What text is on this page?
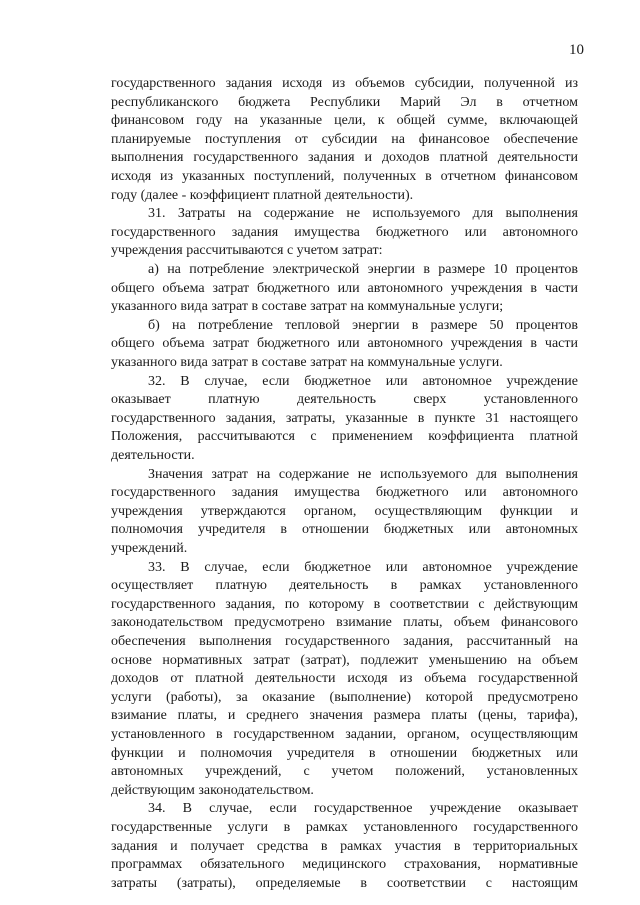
10
государственного задания исходя из объемов субсидии, полученной из
республиканского бюджета Республики Марий Эл в отчетном
финансовом году на указанные цели, к общей сумме, включающей
планируемые поступления от субсидии на финансовое обеспечение
выполнения государственного задания и доходов платной деятельности
исходя из указанных поступлений, полученных в отчетном финансовом
году (далее - коэффициент платной деятельности).
31. Затраты на содержание не используемого для выполнения
государственного задания имущества бюджетного или автономного
учреждения рассчитываются с учетом затрат:
а) на потребление электрической энергии в размере 10 процентов
общего объема затрат бюджетного или автономного учреждения в части
указанного вида затрат в составе затрат на коммунальные услуги;
б) на потребление тепловой энергии в размере 50 процентов
общего объема затрат бюджетного или автономного учреждения в части
указанного вида затрат в составе затрат на коммунальные услуги.
32. В случае, если бюджетное или автономное учреждение
оказывает платную деятельность сверх установленного
государственного задания, затраты, указанные в пункте 31 настоящего
Положения, рассчитываются с применением коэффициента платной
деятельности.
Значения затрат на содержание не используемого для выполнения
государственного задания имущества бюджетного или автономного
учреждения утверждаются органом, осуществляющим функции и
полномочия учредителя в отношении бюджетных или автономных
учреждений.
33. В случае, если бюджетное или автономное учреждение
осуществляет платную деятельность в рамках установленного
государственного задания, по которому в соответствии с действующим
законодательством предусмотрено взимание платы, объем финансового
обеспечения выполнения государственного задания, рассчитанный на
основе нормативных затрат (затрат), подлежит уменьшению на объем
доходов от платной деятельности исходя из объема государственной
услуги (работы), за оказание (выполнение) которой предусмотрено
взимание платы, и среднего значения размера платы (цены, тарифа),
установленного в государственном задании, органом, осуществляющим
функции и полномочия учредителя в отношении бюджетных или
автономных учреждений, с учетом положений, установленных
действующим законодательством.
34. В случае, если государственное учреждение оказывает
государственные услуги в рамках установленного государственного
задания и получает средства в рамках участия в территориальных
программах обязательного медицинского страхования, нормативные
затраты (затраты), определяемые в соответствии с настоящим
